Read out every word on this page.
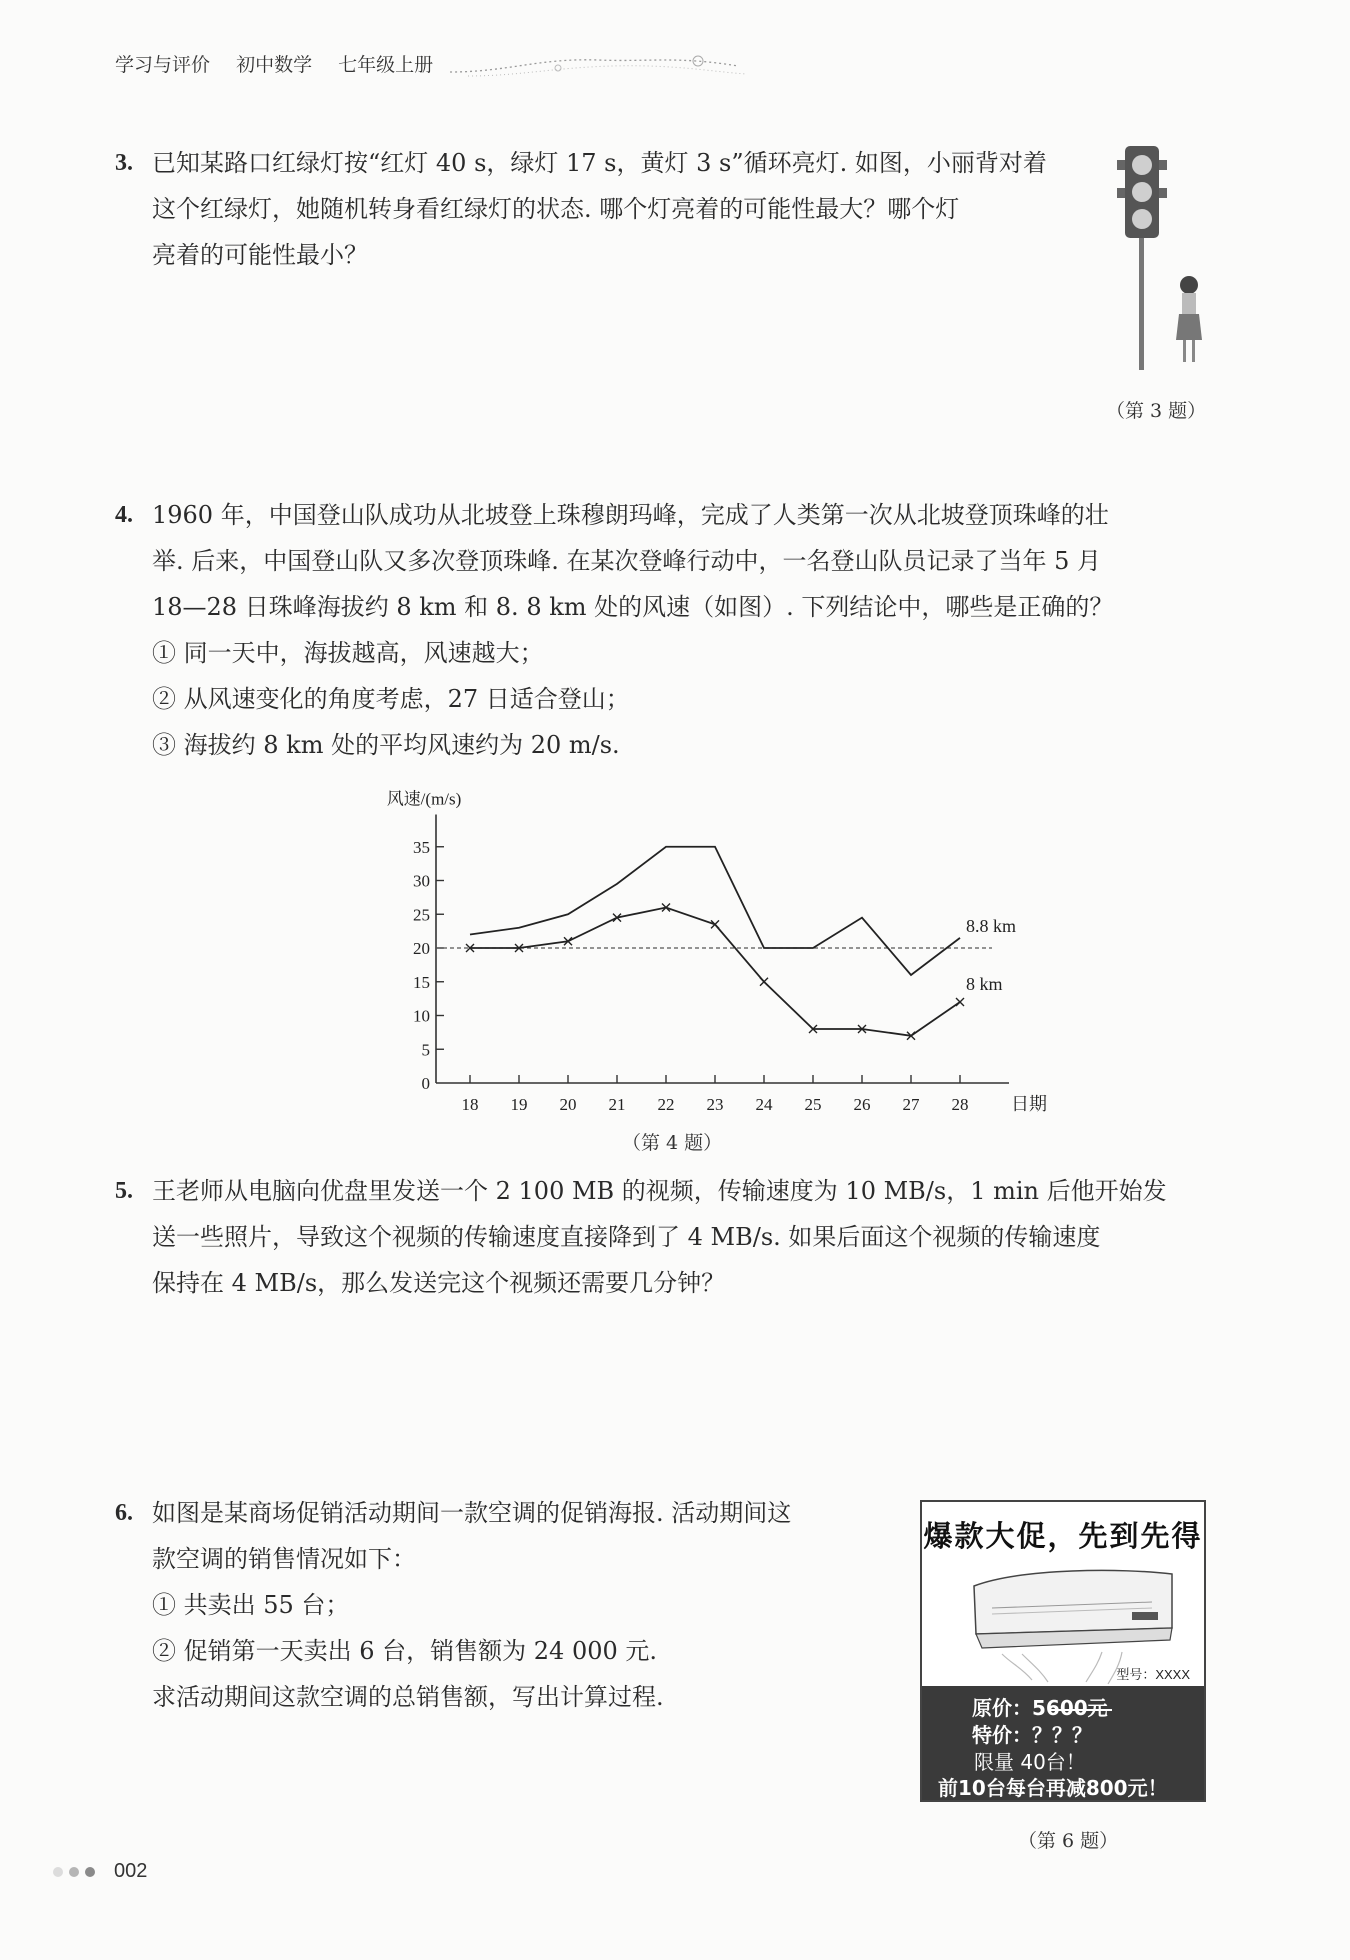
学习与评价 初中数学 七年级上册
3. 已知某路口红绿灯按“红灯 40 s，绿灯 17 s，黄灯 3 s”循环亮灯. 如图，小丽背对着
这个红绿灯，她随机转身看红绿灯的状态. 哪个灯亮着的可能性最大？哪个灯
亮着的可能性最小？
（第 3 题）
4. 1960 年，中国登山队成功从北坡登上珠穆朗玛峰，完成了人类第一次从北坡登顶珠峰的壮
举. 后来，中国登山队又多次登顶珠峰. 在某次登峰行动中，一名登山队员记录了当年 5 月
18—28 日珠峰海拔约 8 km 和 8. 8 km 处的风速（如图）. 下列结论中，哪些是正确的？
① 同一天中，海拔越高，风速越大；
② 从风速变化的角度考虑，27 日适合登山；
③ 海拔约 8 km 处的平均风速约为 20 m/s.
0
5
10
15
20
25
30
35
18 19 20 21 22 23 24 25 26 27 28
风速/(m/s)
日期
8.8 km
8 km
（第 4 题）
5. 王老师从电脑向优盘里发送一个 2 100 MB 的视频，传输速度为 10 MB/s，1 min 后他开始发
送一些照片，导致这个视频的传输速度直接降到了 4 MB/s. 如果后面这个视频的传输速度
保持在 4 MB/s，那么发送完这个视频还需要几分钟？
6. 如图是某商场促销活动期间一款空调的促销海报. 活动期间这
款空调的销售情况如下：
① 共卖出 55 台；
② 促销第一天卖出 6 台，销售额为 24 000 元.
求活动期间这款空调的总销售额，写出计算过程.
爆款大促，先到先得
型号：XXXX
原价：5600元
特价：？？？
限量 40台！
前10台每台再减800元！
（第 6 题）
002
